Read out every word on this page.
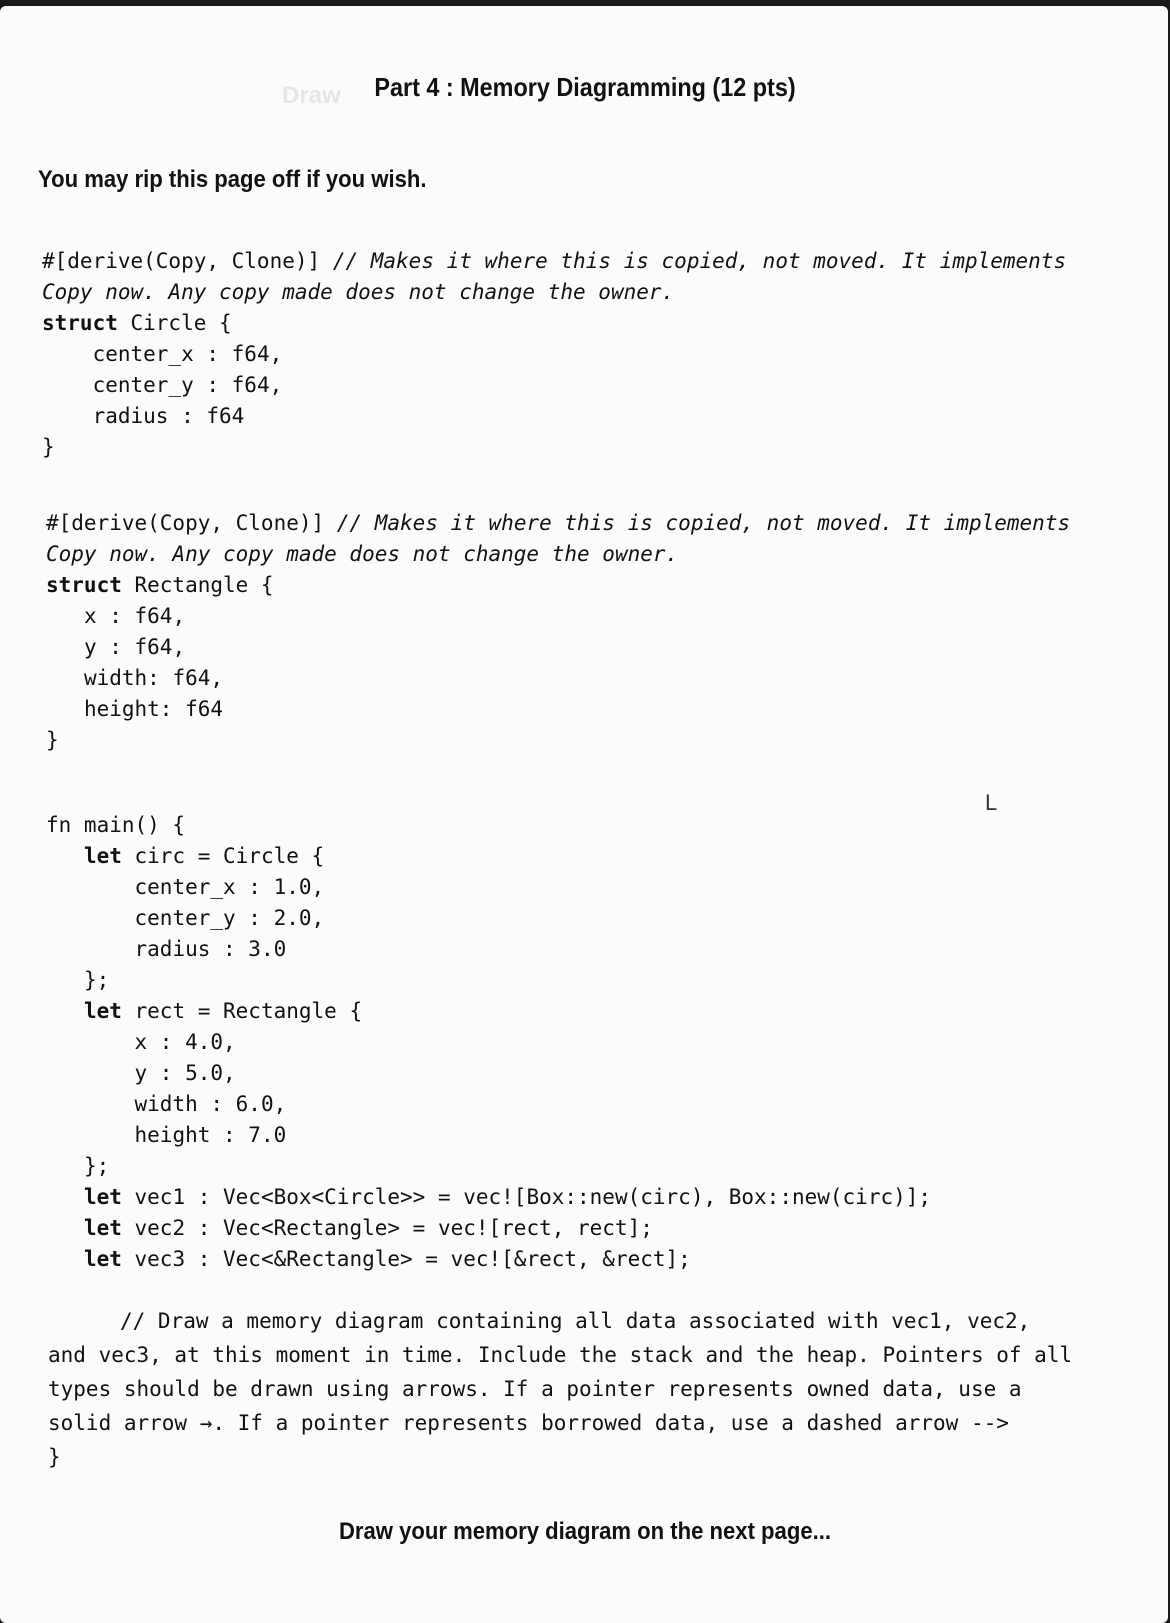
Draw	Part 4 : Memory Diagramming (12 pts)
You may rip this page off if you wish.
#[derive(Copy, Clone)] // Makes it where this is copied, not moved. It implements
Copy now. Any copy made does not change the owner.
struct Circle {
center_x : f64,
center_y : f64,
radius : f64
}
#[derive(Copy, Clone)] // Makes it where this is copied, not moved. It implements
Copy now. Any copy made does not change the owner.
struct Rectangle {
x : f64,
y : f64,
width: f64,
height: f64
}
L
fn main() {
let circ = Circle {
center_x : 1.0,
center_y : 2.0,
radius : 3.0
};
let rect = Rectangle {
x : 4.0,
y : 5.0,
width : 6.0,
height : 7.0
};
let vec1 : Vec<Box<Circle>> = vec![Box::new(circ), Box::new(circ)];
let vec2 : Vec<Rectangle> = vec![rect, rect];
let vec3 : Vec<&Rectangle> = vec![&rect, &rect];
// Draw a memory diagram containing all data associated with vec1, vec2,
and vec3, at this moment in time. Include the stack and the heap. Pointers of all
types should be drawn using arrows. If a pointer represents owned data, use a
solid arrow →. If a pointer represents borrowed data, use a dashed arrow -->
}
Draw your memory diagram on the next page...
